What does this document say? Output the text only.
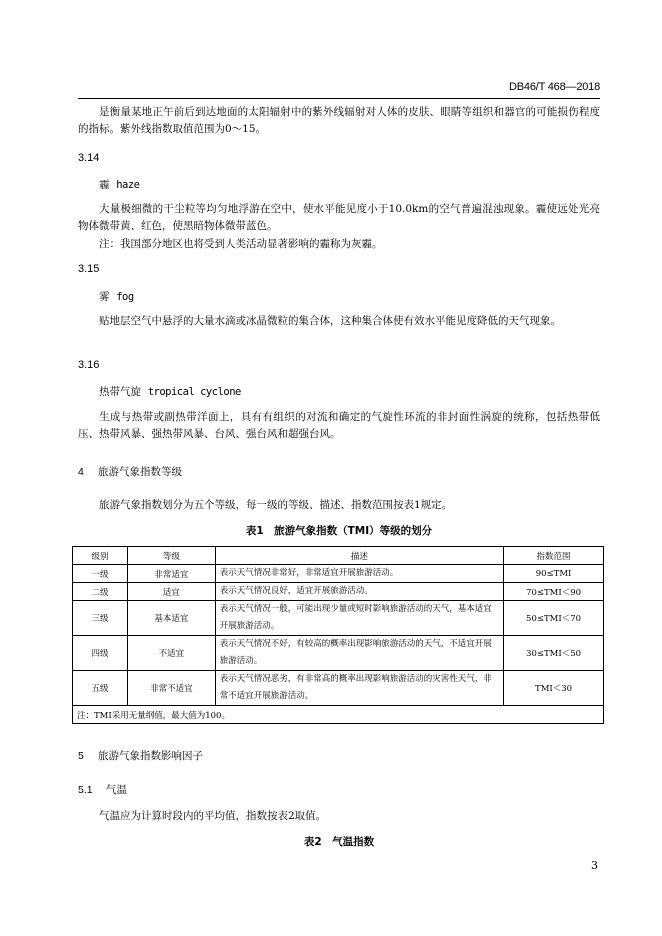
DB46/T 468—2018
是衡量某地正午前后到达地面的太阳辐射中的紫外线辐射对人体的皮肤、眼睛等组织和器官的可能损伤程度的指标。紫外线指数取值范围为0～15。
3.14
霾 haze
大量极细微的干尘粒等均匀地浮游在空中，使水平能见度小于10.0km的空气普遍混浊现象。霾使远处光亮物体微带黄、红色，使黑暗物体微带蓝色。
注：我国部分地区也将受到人类活动显著影响的霾称为灰霾。
3.15
雾 fog
贴地层空气中悬浮的大量水滴或冰晶微粒的集合体，这种集合体使有效水平能见度降低的天气现象。
3.16
热带气旋 tropical cyclone
生成与热带或副热带洋面上，具有有组织的对流和确定的气旋性环流的非封面性涡旋的统称，包括热带低压、热带风暴、强热带风暴、台风、强台风和超强台风。
4 旅游气象指数等级
旅游气象指数划分为五个等级，每一级的等级、描述、指数范围按表1规定。
表1　旅游气象指数（TMI）等级的划分
级别	等级	描述	指数范围
一级	非常适宜	表示天气情况非常好，非常适宜开展旅游活动。	90≤TMI
二级	适宜	表示天气情况良好，适宜开展旅游活动。	70≤TMI＜90
三级	基本适宜	表示天气情况一般，可能出现少量或短时影响旅游活动的天气，基本适宜开展旅游活动。	50≤TMI＜70
四级	不适宜	表示天气情况不好，有较高的概率出现影响旅游活动的天气，不适宜开展旅游活动。	30≤TMI＜50
五级	非常不适宜	表示天气情况恶劣，有非常高的概率出现影响旅游活动的灾害性天气，非常不适宜开展旅游活动。	TMI＜30
注：TMI采用无量纲值，最大值为100。			
5 旅游气象指数影响因子
5.1 气温
气温应为计算时段内的平均值，指数按表2取值。
表2　气温指数
3
